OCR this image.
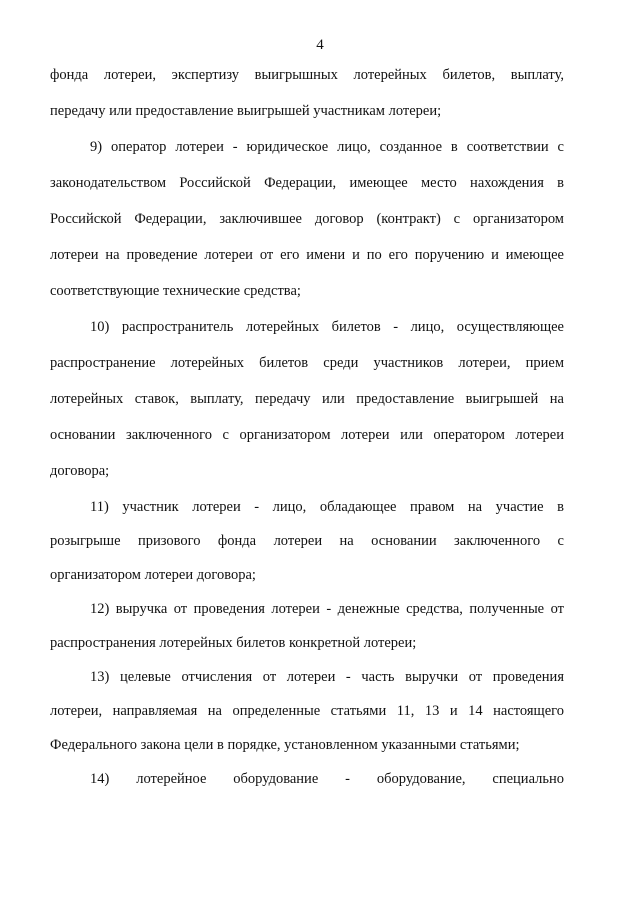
4
фонда лотереи, экспертизу выигрышных лотерейных билетов, выплату,
передачу или предоставление выигрышей участникам лотереи;
9) оператор лотереи - юридическое лицо, созданное в соответствии с
законодательством Российской Федерации, имеющее место нахождения в
Российской Федерации, заключившее договор (контракт) с организатором
лотереи на проведение лотереи от его имени и по его поручению и имеющее
соответствующие технические средства;
10) распространитель лотерейных билетов - лицо, осуществляющее
распространение лотерейных билетов среди участников лотереи, прием
лотерейных ставок, выплату, передачу или предоставление выигрышей на
основании заключенного с организатором лотереи или оператором лотереи
договора;
11) участник лотереи - лицо, обладающее правом на участие в
розыгрыше призового фонда лотереи на основании заключенного с
организатором лотереи договора;
12) выручка от проведения лотереи - денежные средства, полученные от
распространения лотерейных билетов конкретной лотереи;
13) целевые отчисления от лотереи - часть выручки от проведения
лотереи, направляемая на определенные статьями 11, 13 и 14 настоящего
Федерального закона цели в порядке, установленном указанными статьями;
14) лотерейное оборудование - оборудование, специально
